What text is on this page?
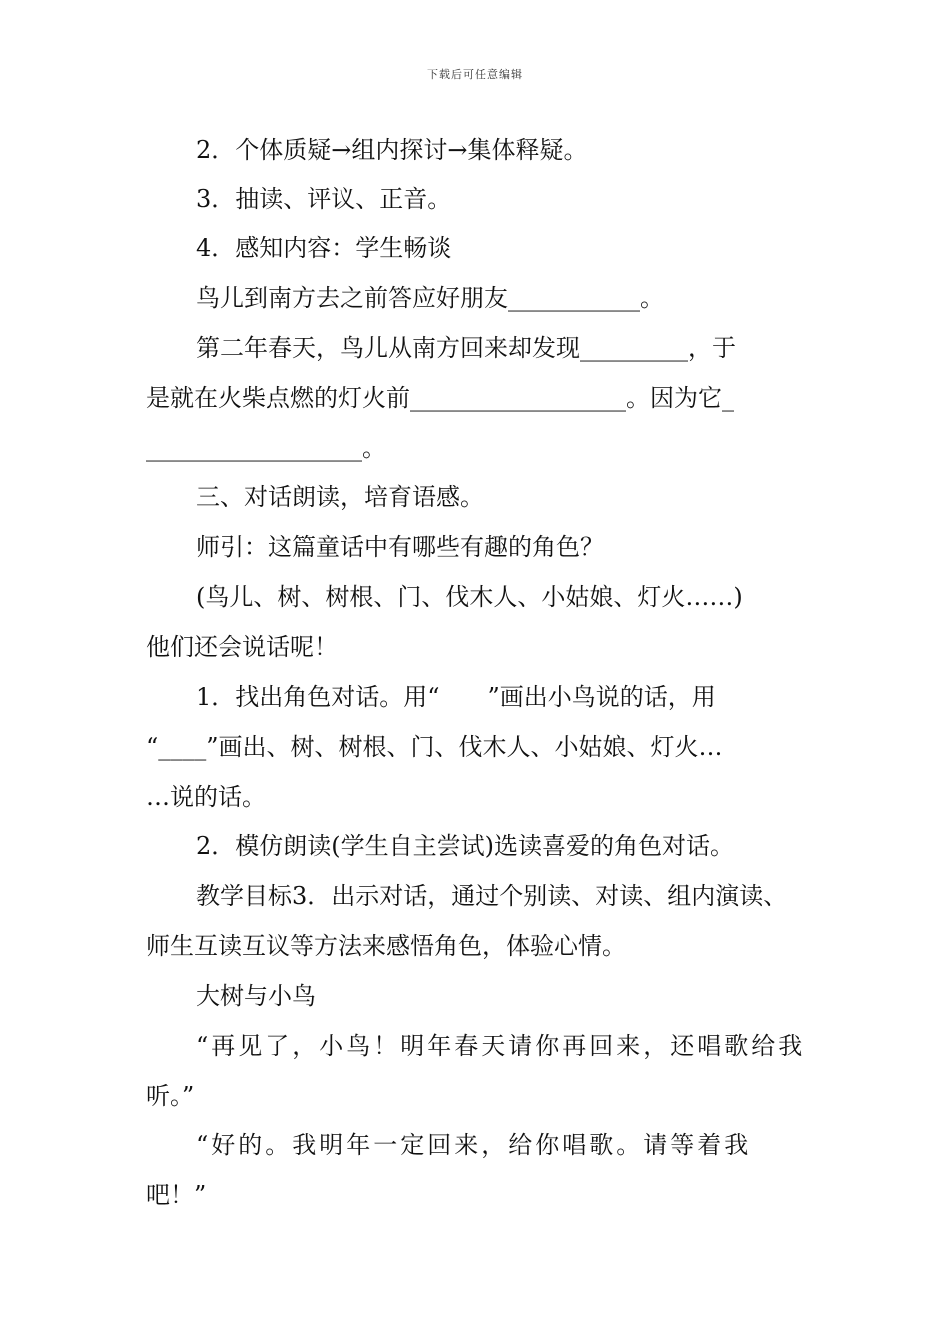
下载后可任意编辑
2．个体质疑→组内探讨→集体释疑。
3．抽读、评议、正音。
4．感知内容：学生畅谈
鸟儿到南方去之前答应好朋友___________。
第二年春天，鸟儿从南方回来却发现_________，于
是就在火柴点燃的灯火前__________________。因为它_
__________________。
三、对话朗读，培育语感。
师引：这篇童话中有哪些有趣的角色？
(鸟儿、树、树根、门、伐木人、小姑娘、灯火……)
他们还会说话呢！
1．找出角色对话。用“　　”画出小鸟说的话，用
“____”画出、树、树根、门、伐木人、小姑娘、灯火…
…说的话。
2．模仿朗读(学生自主尝试)选读喜爱的角色对话。
教学目标3．出示对话，通过个别读、对读、组内演读、
师生互读互议等方法来感悟角色，体验心情。
大树与小鸟
“再见了，小鸟！明年春天请你再回来，还唱歌给我
听。”
“好的。我明年一定回来，给你唱歌。请等着我
吧！”
